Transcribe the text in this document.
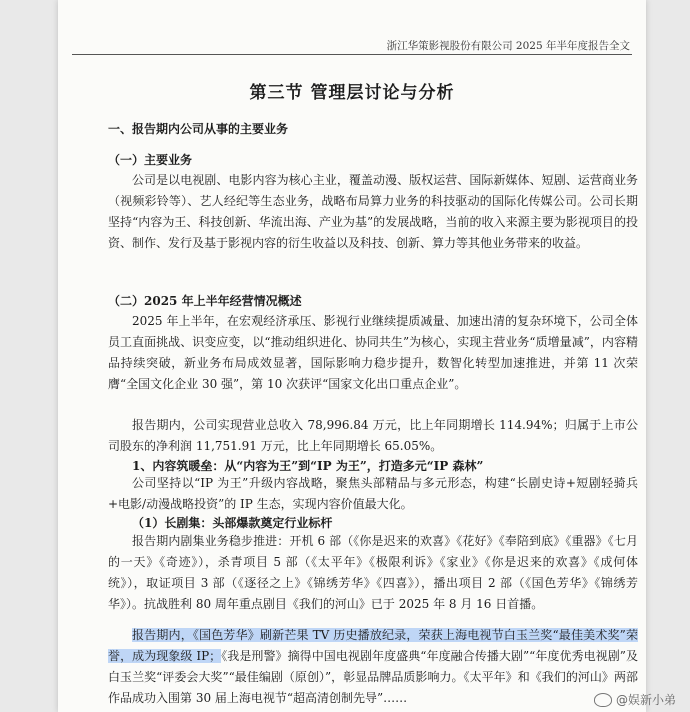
浙江华策影视股份有限公司 2025 年半年度报告全文
第三节 管理层讨论与分析
一、报告期内公司从事的主要业务
（一）主要业务
公司是以电视剧、电影内容为核心主业，覆盖动漫、版权运营、国际新媒体、短剧、运营商业务（视频彩铃等）、艺人经纪等生态业务，战略布局算力业务的科技驱动的国际化传媒公司。公司长期坚持“内容为王、科技创新、华流出海、产业为基”的发展战略，当前的收入来源主要为影视项目的投资、制作、发行及基于影视内容的衍生收益以及科技、创新、算力等其他业务带来的收益。
（二）2025 年上半年经营情况概述
2025 年上半年，在宏观经济承压、影视行业继续提质减量、加速出清的复杂环境下，公司全体员工直面挑战、识变应变，以“推动组织进化、协同共生”为核心，实现主营业务“质增量减”，内容精品持续突破，新业务布局成效显著，国际影响力稳步提升，数智化转型加速推进，并第 11 次荣膺“全国文化企业 30 强”，第 10 次获评“国家文化出口重点企业”。
报告期内，公司实现营业总收入 78,996.84 万元，比上年同期增长 114.94%；归属于上市公司股东的净利润 11,751.91 万元，比上年同期增长 65.05%。
1、内容筑暖垒：从“内容为王”到“IP 为王”，打造多元“IP 森林”
公司坚持以“IP 为王”升级内容战略，聚焦头部精品与多元形态，构建“长剧史诗+短剧轻骑兵+电影/动漫战略投资”的 IP 生态，实现内容价值最大化。
（1）长剧集：头部爆款奠定行业标杆
报告期内剧集业务稳步推进：开机 6 部（《你是迟来的欢喜》《花好》《奉陪到底》《重器》《七月的一天》《奇迹》），杀青项目 5 部（《太平年》《极限利诉》《家业》《你是迟来的欢喜》《成何体统》），取证项目 3 部（《逐径之上》《锦绣芳华》《四喜》），播出项目 2 部（《国色芳华》《锦绣芳华》）。抗战胜利 80 周年重点剧目《我们的河山》已于 2025 年 8 月 16 日首播。
报告期内，《国色芳华》刷新芒果 TV 历史播放纪录，荣获上海电视节白玉兰奖“最佳美术奖”荣誉，成为现象级 IP；《我是刑警》摘得中国电视剧年度盛典“年度融合传播大剧”“年度优秀电视剧”及白玉兰奖“评委会大奖”“最佳编剧（原创）”，彰显品牌品质影响力。《太平年》和《我们的河山》两部作品成功入围第 30 届上海电视节“超高清创制先导”……	@娱新小弟
